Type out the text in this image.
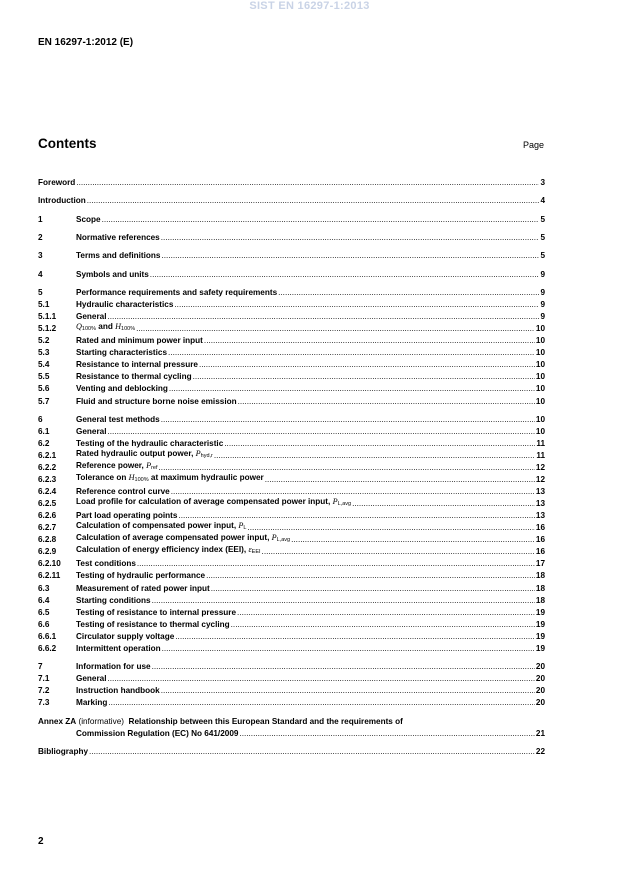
SIST EN 16297-1:2013
EN 16297-1:2012 (E)
Contents	Page
Foreword .....	3
Introduction .....	4
1	Scope .....	5
2	Normative references .....	5
3	Terms and definitions .....	5
4	Symbols and units .....	9
5	Performance requirements and safety requirements .....	9
5.1	Hydraulic characteristics .....	9
5.1.1	General .....	9
5.1.2	$Q_{100\%}$ and $H_{100\%}$ .....	10
5.2	Rated and minimum power input .....	10
5.3	Starting characteristics .....	10
5.4	Resistance to internal pressure .....	10
5.5	Resistance to thermal cycling .....	10
5.6	Venting and deblocking .....	10
5.7	Fluid and structure borne noise emission .....	10
6	General test methods .....	10
6.1	General .....	10
6.2	Testing of the hydraulic characteristic .....	11
6.2.1	Rated hydraulic output power, $P_{hyd,r}$ .....	11
6.2.2	Reference power, $P_{ref}$ .....	12
6.2.3	Tolerance on $H_{100\%}$ at maximum hydraulic power .....	12
6.2.4	Reference control curve .....	13
6.2.5	Load profile for calculation of average compensated power input, $P_{L,avg}$ .....	13
6.2.6	Part load operating points .....	13
6.2.7	Calculation of compensated power input, $P_L$ .....	16
6.2.8	Calculation of average compensated power input, $P_{L,avg}$ .....	16
6.2.9	Calculation of energy efficiency index (EEI), $\varepsilon_{EEI}$ .....	16
6.2.10	Test conditions .....	17
6.2.11	Testing of hydraulic performance .....	18
6.3	Measurement of rated power input .....	18
6.4	Starting conditions .....	18
6.5	Testing of resistance to internal pressure .....	19
6.6	Testing of resistance to thermal cycling .....	19
6.6.1	Circulator supply voltage .....	19
6.6.2	Intermittent operation .....	19
7	Information for use .....	20
7.1	General .....	20
7.2	Instruction handbook .....	20
7.3	Marking .....	20
Annex ZA (informative) Relationship between this European Standard and the requirements of
Commission Regulation (EC) No 641/2009 .....	21
Bibliography .....	22
2
